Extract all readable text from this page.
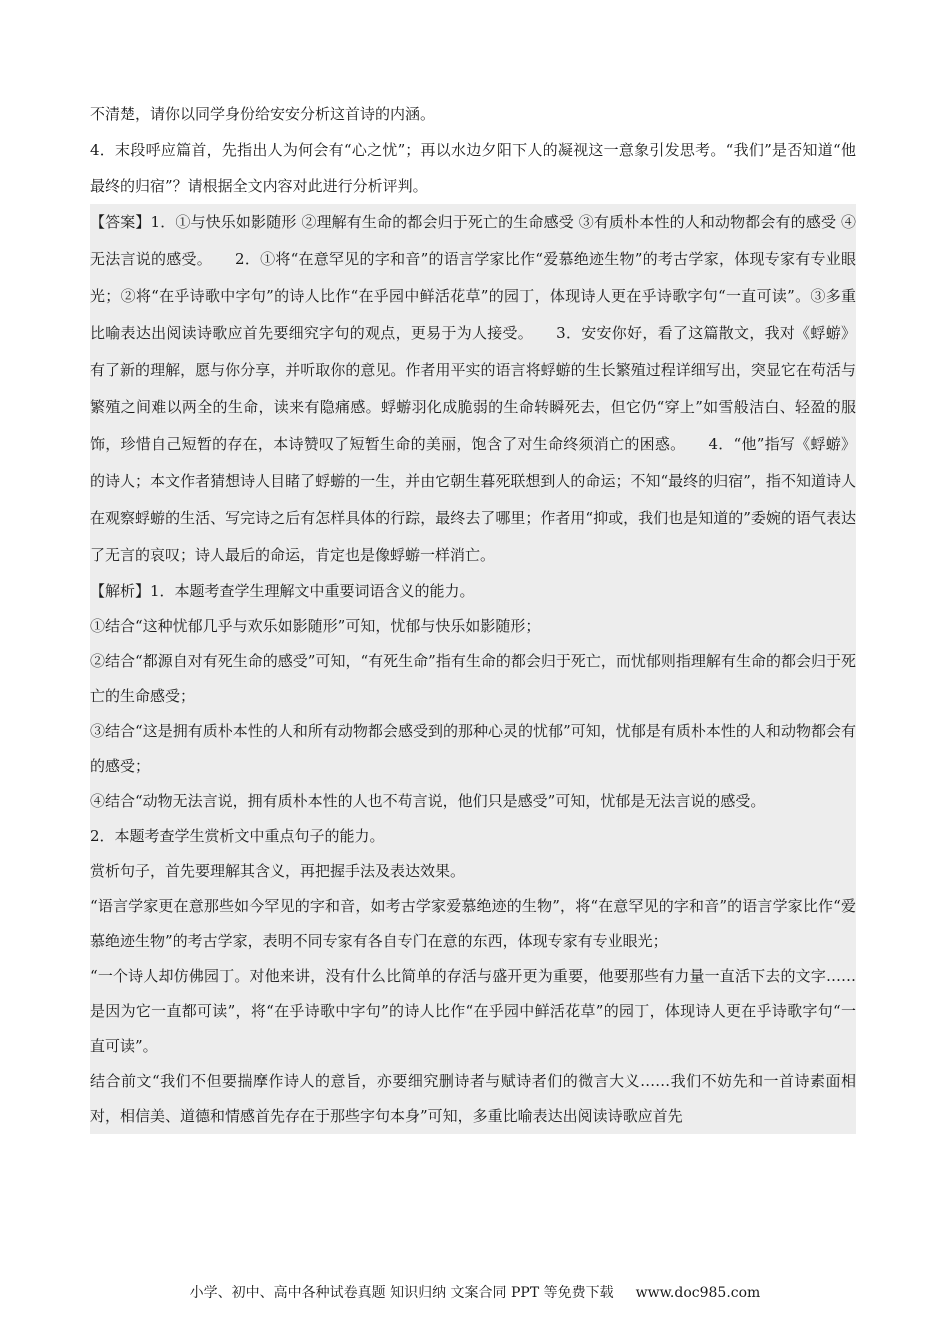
不清楚，请你以同学身份给安安分析这首诗的内涵。

4．末段呼应篇首，先指出人为何会有“心之忧”；再以水边夕阳下人的凝视这一意象引发思考。“我们”是否知道“他最终的归宿”？请根据全文内容对此进行分析评判。

【答案】1．①与快乐如影随形 ②理解有生命的都会归于死亡的生命感受 ③有质朴本性的人和动物都会有的感受 ④无法言说的感受。　　2．①将“在意罕见的字和音”的语言学家比作“爱慕绝迹生物”的考古学家，体现专家有专业眼光；②将“在乎诗歌中字句”的诗人比作“在乎园中鲜活花草”的园丁，体现诗人更在乎诗歌字句“一直可读”。③多重比喻表达出阅读诗歌应首先要细究字句的观点，更易于为人接受。　　3．安安你好，看了这篇散文，我对《蜉蝣》有了新的理解，愿与你分享，并听取你的意见。作者用平实的语言将蜉蝣的生长繁殖过程详细写出，突显它在苟活与繁殖之间难以两全的生命，读来有隐痛感。蜉蝣羽化成脆弱的生命转瞬死去，但它仍“穿上”如雪般洁白、轻盈的服饰，珍惜自己短暂的存在，本诗赞叹了短暂生命的美丽，饱含了对生命终须消亡的困惑。　　4．“他”指写《蜉蝣》的诗人；本文作者猜想诗人目睹了蜉蝣的一生，并由它朝生暮死联想到人的命运；不知“最终的归宿”，指不知道诗人在观察蜉蝣的生活、写完诗之后有怎样具体的行踪，最终去了哪里；作者用“抑或，我们也是知道的”委婉的语气表达了无言的哀叹；诗人最后的命运，肯定也是像蜉蝣一样消亡。

【解析】1．本题考查学生理解文中重要词语含义的能力。

①结合“这种忧郁几乎与欢乐如影随形”可知，忧郁与快乐如影随形；

②结合“都源自对有死生命的感受”可知，“有死生命”指有生命的都会归于死亡，而忧郁则指理解有生命的都会归于死亡的生命感受；

③结合“这是拥有质朴本性的人和所有动物都会感受到的那种心灵的忧郁”可知，忧郁是有质朴本性的人和动物都会有的感受；

④结合“动物无法言说，拥有质朴本性的人也不苟言说，他们只是感受”可知，忧郁是无法言说的感受。

2．本题考查学生赏析文中重点句子的能力。

赏析句子，首先要理解其含义，再把握手法及表达效果。

“语言学家更在意那些如今罕见的字和音，如考古学家爱慕绝迹的生物”，将“在意罕见的字和音”的语言学家比作“爱慕绝迹生物”的考古学家，表明不同专家有各自专门在意的东西，体现专家有专业眼光；

“一个诗人却仿佛园丁。对他来讲，没有什么比简单的存活与盛开更为重要，他要那些有力量一直活下去的文字……是因为它一直都可读”，将“在乎诗歌中字句”的诗人比作“在乎园中鲜活花草”的园丁，体现诗人更在乎诗歌字句“一直可读”。

结合前文“我们不但要揣摩作诗人的意旨，亦要细究删诗者与赋诗者们的微言大义……我们不妨先和一首诗素面相对，相信美、道德和情感首先存在于那些字句本身”可知，多重比喻表达出阅读诗歌应首先

小学、初中、高中各种试卷真题 知识归纳 文案合同 PPT 等免费下载 www.doc985.com
